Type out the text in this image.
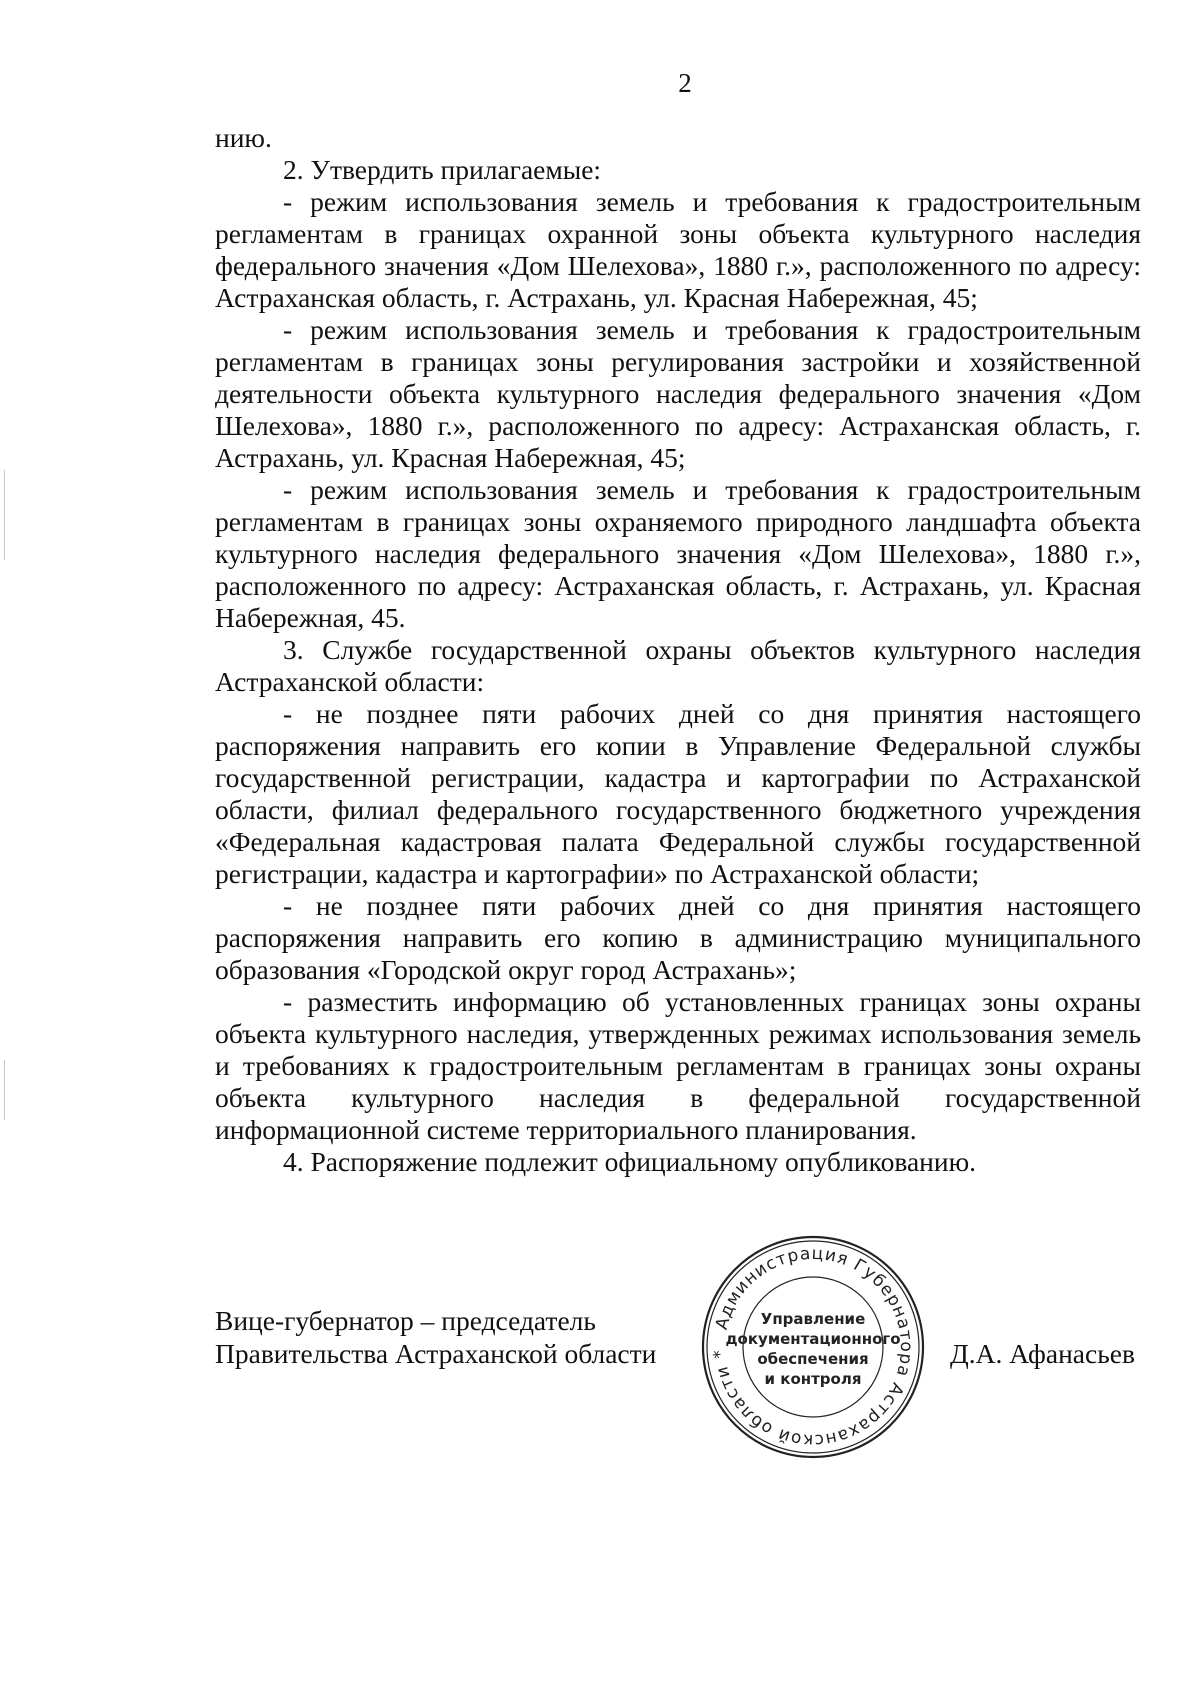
2

нию.

2. Утвердить прилагаемые:

- режим использования земель и требования к градостроительным регламентам в границах охранной зоны объекта культурного наследия федерального значения «Дом Шелехова», 1880 г.», расположенного по адресу: Астраханская область, г. Астрахань, ул. Красная Набережная, 45;

- режим использования земель и требования к градостроительным регламентам в границах зоны регулирования застройки и хозяйственной деятельности объекта культурного наследия федерального значения «Дом Шелехова», 1880 г.», расположенного по адресу: Астраханская область, г. Астрахань, ул. Красная Набережная, 45;

- режим использования земель и требования к градостроительным регламентам в границах зоны охраняемого природного ландшафта объекта культурного наследия федерального значения «Дом Шелехова», 1880 г.», расположенного по адресу: Астраханская область, г. Астрахань, ул. Красная Набережная, 45.

3. Службе государственной охраны объектов культурного наследия Астраханской области:

- не позднее пяти рабочих дней со дня принятия настоящего распоряжения направить его копии в Управление Федеральной службы государственной регистрации, кадастра и картографии по Астраханской области, филиал федерального государственного бюджетного учреждения «Федеральная кадастровая палата Федеральной службы государственной регистрации, кадастра и картографии» по Астраханской области;

- не позднее пяти рабочих дней со дня принятия настоящего распоряжения направить его копию в администрацию муниципального образования «Городской округ город Астрахань»;

- разместить информацию об установленных границах зоны охраны объекта культурного наследия, утвержденных режимах использования земель и требованиях к градостроительным регламентам в границах зоны охраны объекта культурного наследия в федеральной государственной информационной системе территориального планирования.

4. Распоряжение подлежит официальному опубликованию.

Вице-губернатор – председатель
Правительства Астраханской области
Администрация Губернатора Астраханской области *
Управление
документационного
обеспечения
и контроля
Д.А. Афанасьев
